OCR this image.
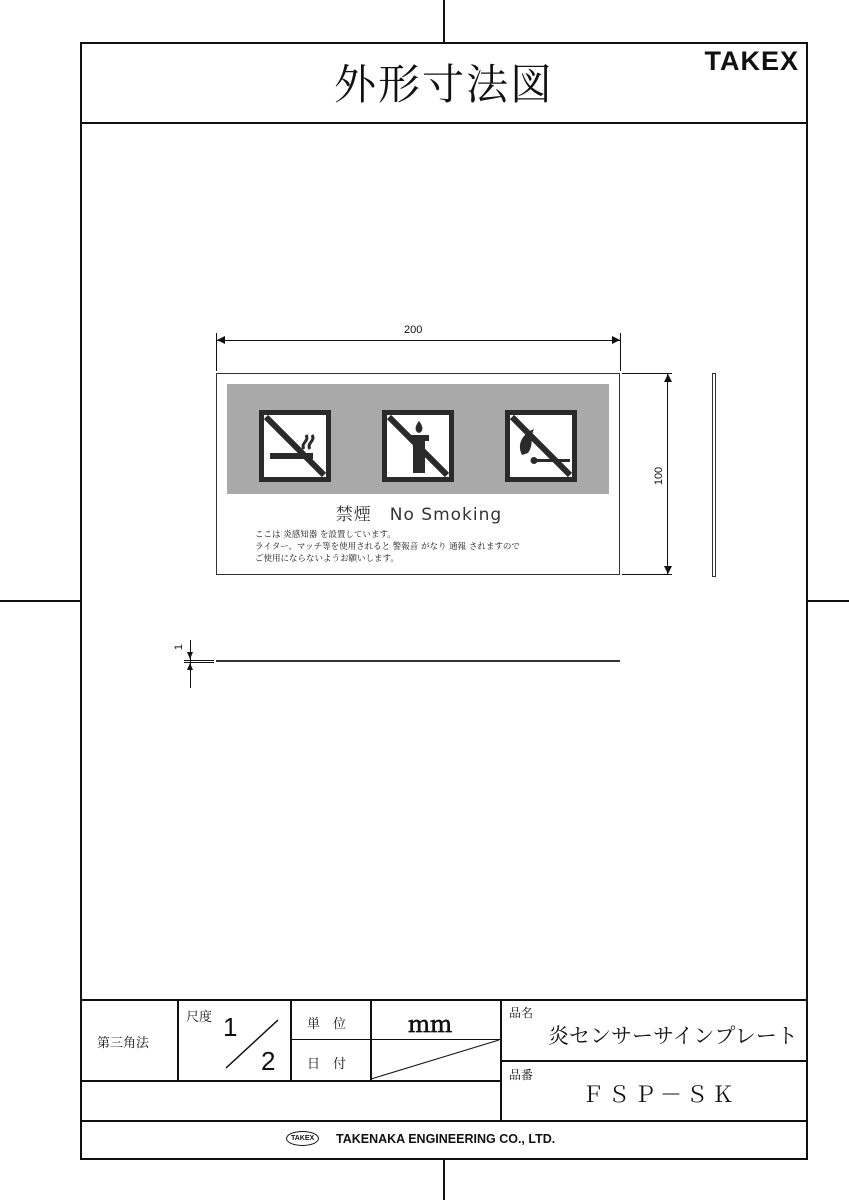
外形寸法図	TAKEX
200
100
1
禁煙　No Smoking
ここは 炎感知器 を設置しています。
ライター、マッチ等を使用されると 警報音 がなり 通報 されますので
ご使用にならないようお願いします。
第三角法
尺度 1
2
単　位	ｍｍ
日　付
品名
炎センサーサインプレート
品番
ＦＳＰ－ＳＫ
TAKEX	TAKENAKA ENGINEERING CO., LTD.
